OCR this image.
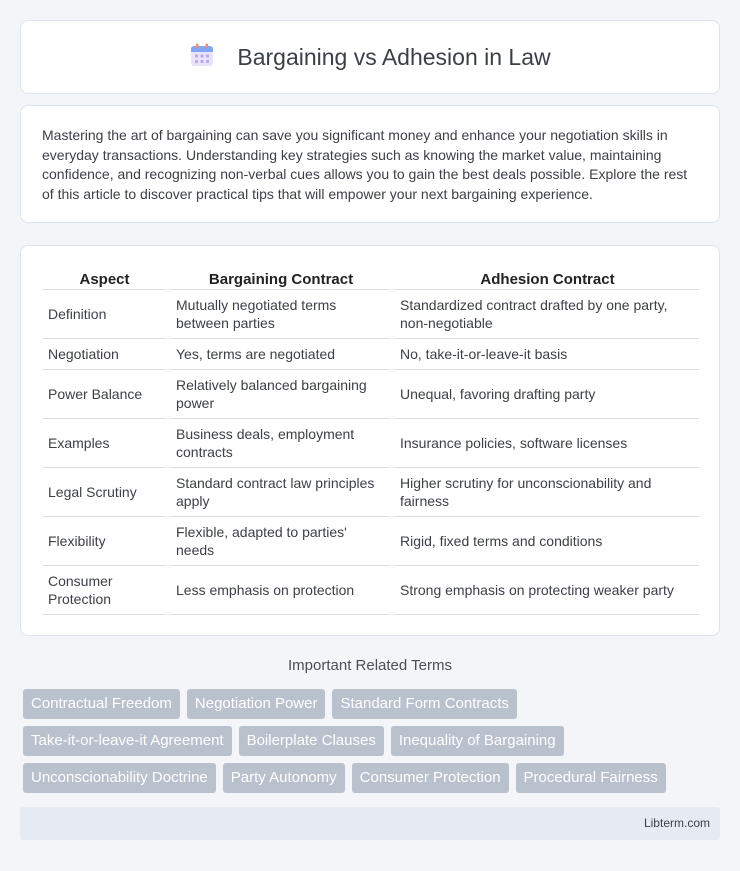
Bargaining vs Adhesion in Law

Mastering the art of bargaining can save you significant money and enhance your negotiation skills in everyday transactions. Understanding key strategies such as knowing the market value, maintaining confidence, and recognizing non-verbal cues allows you to gain the best deals possible. Explore the rest of this article to discover practical tips that will empower your next bargaining experience.

Aspect	Bargaining Contract	Adhesion Contract
Definition	Mutually negotiated terms between parties	Standardized contract drafted by one party, non-negotiable
Negotiation	Yes, terms are negotiated	No, take-it-or-leave-it basis
Power Balance	Relatively balanced bargaining power	Unequal, favoring drafting party
Examples	Business deals, employment contracts	Insurance policies, software licenses
Legal Scrutiny	Standard contract law principles apply	Higher scrutiny for unconscionability and fairness
Flexibility	Flexible, adapted to parties' needs	Rigid, fixed terms and conditions
Consumer Protection	Less emphasis on protection	Strong emphasis on protecting weaker party
Important Related Terms
Contractual Freedom	Negotiation Power	Standard Form Contracts
Take-it-or-leave-it Agreement	Boilerplate Clauses	Inequality of Bargaining
Unconscionability Doctrine	Party Autonomy	Consumer Protection	Procedural Fairness
Libterm.com
